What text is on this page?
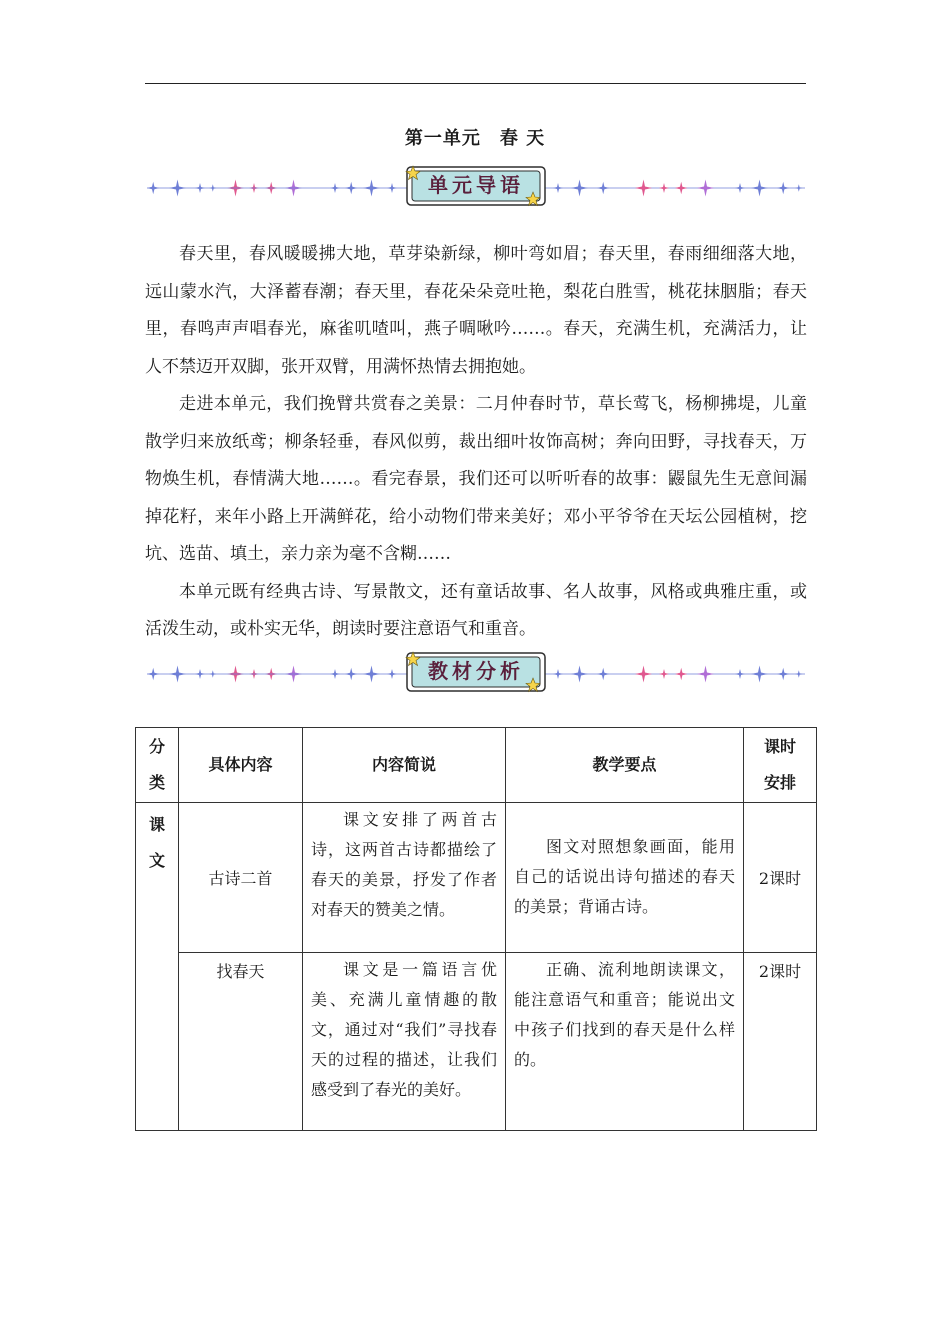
第一单元　春 天
单元导语

春天里，春风暖暖拂大地，草芽染新绿，柳叶弯如眉；春天里，春雨细细落大地，远山蒙水汽，大泽蓄春潮；春天里，春花朵朵竞吐艳，梨花白胜雪，桃花抹胭脂；春天里，春鸣声声唱春光，麻雀叽喳叫，燕子啁啾吟……。春天，充满生机，充满活力，让人不禁迈开双脚，张开双臂，用满怀热情去拥抱她。

走进本单元，我们挽臂共赏春之美景：二月仲春时节，草长莺飞，杨柳拂堤，儿童散学归来放纸鸢；柳条轻垂，春风似剪，裁出细叶妆饰高树；奔向田野，寻找春天，万物焕生机，春情满大地……。看完春景，我们还可以听听春的故事：鼹鼠先生无意间漏掉花籽，来年小路上开满鲜花，给小动物们带来美好；邓小平爷爷在天坛公园植树，挖坑、选苗、填土，亲力亲为毫不含糊……

本单元既有经典古诗、写景散文，还有童话故事、名人故事，风格或典雅庄重，或活泼生动，或朴实无华，朗读时要注意语气和重音。

教材分析
分类	具体内容	内容简说	教学要点	课时安排

课文	古诗二首	课文安排了两首古诗，这两首古诗都描绘了春天的美景，抒发了作者对春天的赞美之情。	图文对照想象画面，能用自己的话说出诗句描述的春天的美景；背诵古诗。	2课时
	找春天	课文是一篇语言优美、充满儿童情趣的散文，通过对“我们”寻找春天的过程的描述，让我们感受到了春光的美好。	正确、流利地朗读课文，能注意语气和重音；能说出文中孩子们找到的春天是什么样的。	2课时
